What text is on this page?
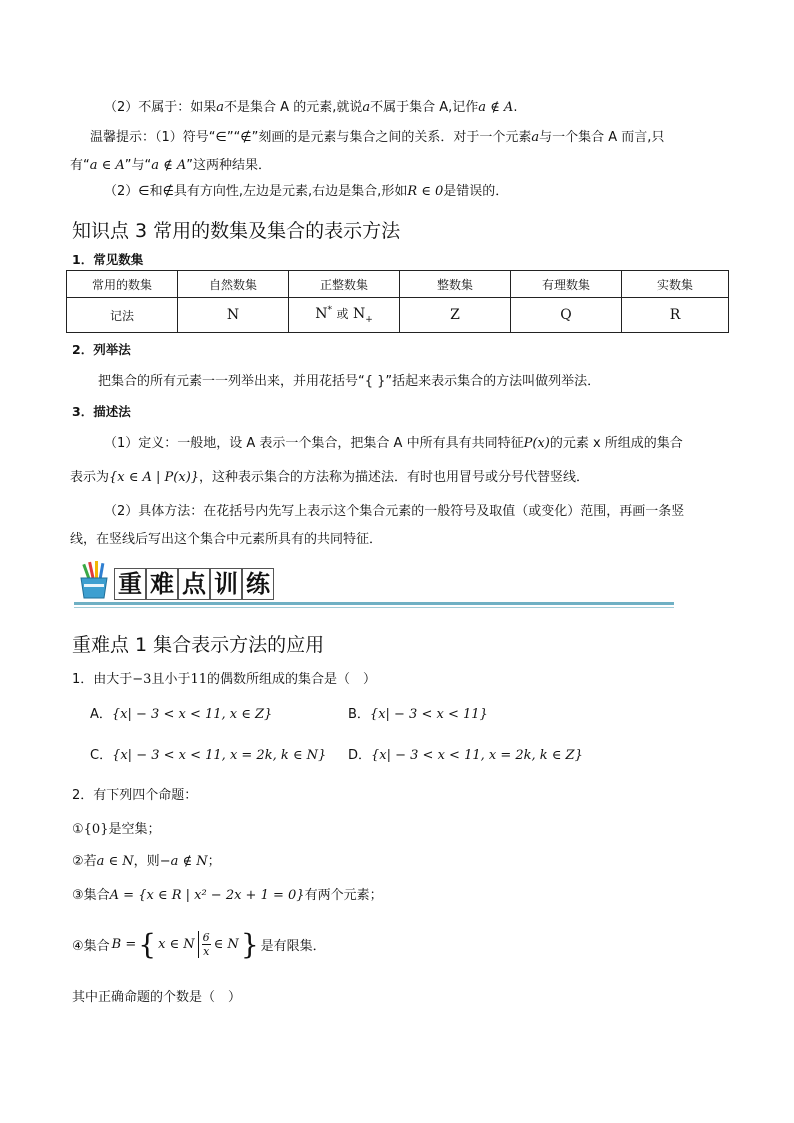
（2）不属于：如果a不是集合 A 的元素,就说a不属于集合 A,记作a ∉ A.
温馨提示：（1）符号“∈”“∉”刻画的是元素与集合之间的关系．对于一个元素a与一个集合 A 而言,只
有“a ∈ A”与“a ∉ A”这两种结果．
（2）∈和∉具有方向性,左边是元素,右边是集合,形如R ∈ 0是错误的．
知识点 3 常用的数集及集合的表示方法
1．常见数集
常用的数集	自然数集	正整数集	整数集	有理数集	实数集
记法	N	N* 或 $N_+$	Z	Q	R
2．列举法
把集合的所有元素一一列举出来，并用花括号“{ }”括起来表示集合的方法叫做列举法．
3．描述法
（1）定义：一般地，设 A 表示一个集合，把集合 A 中所有具有共同特征P(x)的元素 x 所组成的集合
表示为{x ∈ A | P(x)}，这种表示集合的方法称为描述法．有时也用冒号或分号代替竖线．
（2）具体方法：在花括号内先写上表示这个集合元素的一般符号及取值（或变化）范围，再画一条竖
线，在竖线后写出这个集合中元素所具有的共同特征．
重 难 点 训 练
重难点 1 集合表示方法的应用
1．由大于−3且小于11的偶数所组成的集合是（　）
A．{x| − 3 < x < 11, x ∈ Z}	B．{x| − 3 < x < 11}
C．{x| − 3 < x < 11, x = 2k, k ∈ N} D．{x| − 3 < x < 11, x = 2k, k ∈ Z}
2．有下列四个命题：
①{0}是空集；
②若a ∈ N，则−a ∉ N；
③集合A = {x ∈ R | x² − 2x + 1 = 0}有两个元素；
④集合 B = { x ∈ N 6
x ∈ N } 是有限集．
其中正确命题的个数是（　）
